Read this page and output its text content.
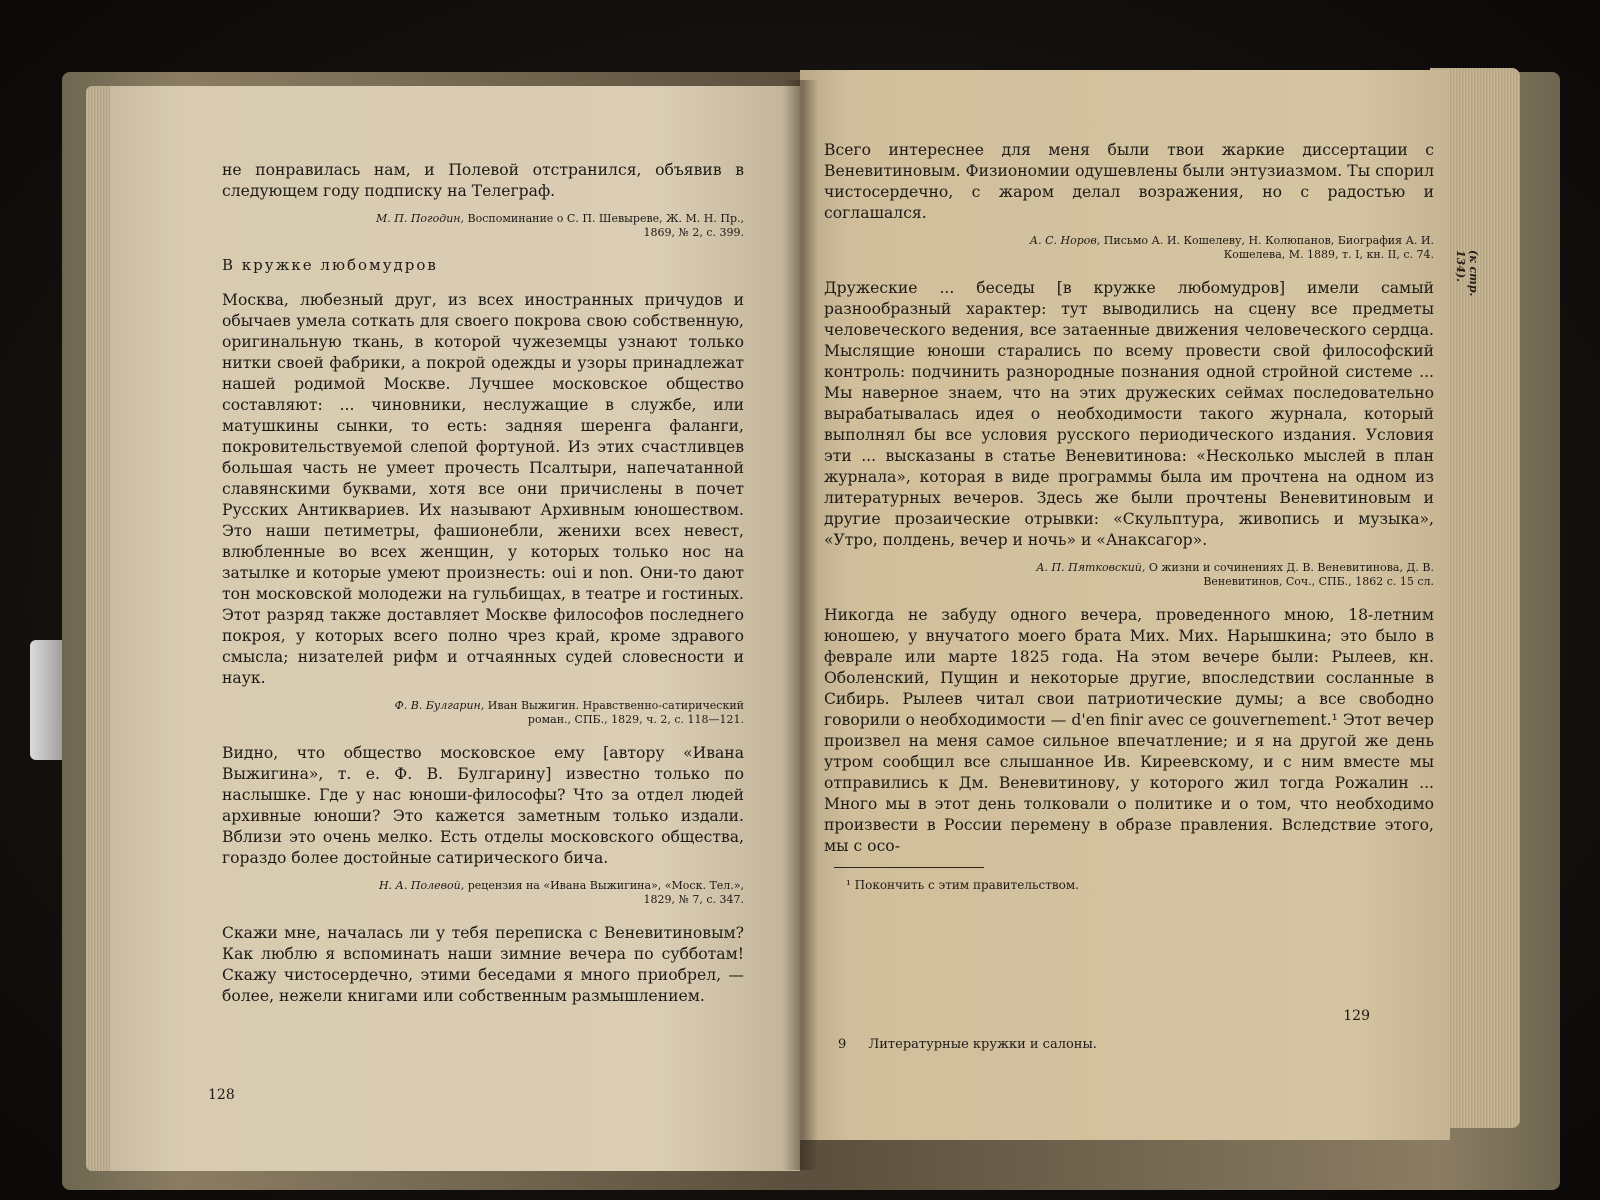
не понравилась нам, и Полевой отстранился, объявив в следующем году подписку на Телеграф.

М. П. Погодин, Воспоминание о С. П. Шевыреве, Ж. М. Н. Пр., 1869, № 2, с. 399.
В кружке любомудров

Москва, любезный друг, из всех иностранных причудов и обычаев умела соткать для своего покрова свою собственную, оригинальную ткань, в которой чужеземцы узнают только нитки своей фабрики, а покрой одежды и узоры принадлежат нашей родимой Москве. Лучшее московское общество составляют: ... чиновники, неслужащие в службе, или матушкины сынки, то есть: задняя шеренга фаланги, покровительствуемой слепой фортуной. Из этих счастливцев большая часть не умеет прочесть Псалтыри, напечатанной славянскими буквами, хотя все они причислены в почет Русских Антиквариев. Их называют Архивным юношеством. Это наши петиметры, фашионебли, женихи всех невест, влюбленные во всех женщин, у которых только нос на затылке и которые умеют произнесть: oui и non. Они-то дают тон московской молодежи на гульбищах, в театре и гостиных. Этот разряд также доставляет Москве философов последнего покроя, у которых всего полно чрез край, кроме здравого смысла; низателей рифм и отчаянных судей словесности и наук.

Ф. В. Булгарин, Иван Выжигин. Нравственно-сатирический роман., СПБ., 1829, ч. 2, с. 118—121.

Видно, что общество московское ему [автору «Ивана Выжигина», т. е. Ф. В. Булгарину] известно только по наслышке. Где у нас юноши-философы? Что за отдел людей архивные юноши? Это кажется заметным только издали. Вблизи это очень мелко. Есть отделы московского общества, гораздо более достойные сатирического бича.

Н. А. Полевой, рецензия на «Ивана Выжигина», «Моск. Тел.», 1829, № 7, с. 347.

Скажи мне, началась ли у тебя переписка с Веневитиновым? Как люблю я вспоминать наши зимние вечера по субботам! Скажу чистосердечно, этими беседами я много приобрел, — более, нежели книгами или собственным размышлением.

128

Всего интереснее для меня были твои жаркие диссертации с Веневитиновым. Физиономии одушевлены были энтузиазмом. Ты спорил чистосердечно, с жаром делал возражения, но с радостью и соглашался.

А. С. Норов, Письмо А. И. Кошелеву, Н. Колюпанов, Биография А. И. Кошелева, М. 1889, т. I, кн. II, с. 74.

Дружеские ... беседы [в кружке любомудров] имели самый разнообразный характер: тут выводились на сцену все предметы человеческого ведения, все затаенные движения человеческого сердца. Мыслящие юноши старались по всему провести свой философский контроль: подчинить разнородные познания одной стройной системе ... Мы наверное знаем, что на этих дружеских сеймах последовательно вырабатывалась идея о необходимости такого журнала, который выполнял бы все условия русского периодического издания. Условия эти ... высказаны в статье Веневитинова: «Несколько мыслей в план журнала», которая в виде программы была им прочтена на одном из литературных вечеров. Здесь же были прочтены Веневитиновым и другие прозаические отрывки: «Скульптура, живопись и музыка», «Утро, полдень, вечер и ночь» и «Анаксагор».

А. П. Пятковский, О жизни и сочинениях Д. В. Веневитинова, Д. В. Веневитинов, Соч., СПБ., 1862 с. 15 сл.

Никогда не забуду одного вечера, проведенного мною, 18-летним юношею, у внучатого моего брата Мих. Мих. Нарышкина; это было в феврале или марте 1825 года. На этом вечере были: Рылеев, кн. Оболенский, Пущин и некоторые другие, впоследствии сосланные в Сибирь. Рылеев читал свои патриотические думы; а все свободно говорили о необходимости — d'en finir avec ce gouvernement.¹ Этот вечер произвел на меня самое сильное впечатление; и я на другой же день утром сообщил все слышанное Ив. Киреевскому, и с ним вместе мы отправились к Дм. Веневитинову, у которого жил тогда Рожалин ... Много мы в этот день толковали о политике и о том, что необходимо произвести в России перемену в образе правления. Вследствие этого, мы с осо-

¹ Покончить с этим правительством.
129
9 Литературные кружки и салоны.
(к стр. 134).
